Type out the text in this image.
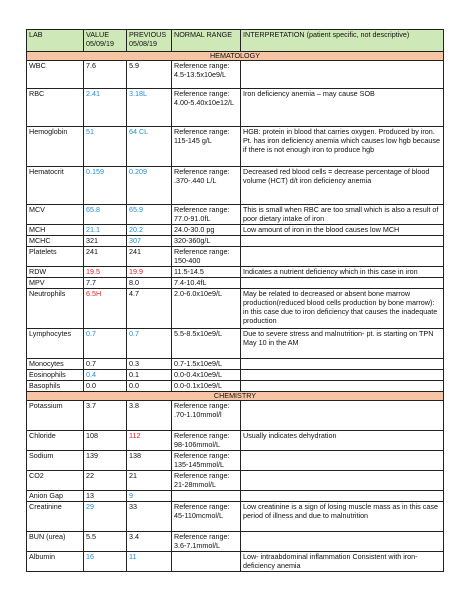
LAB	VALUE 05/09/19	PREVIOUS 05/08/19	NORMAL RANGE	INTERPRETATION (patient specific, not descriptive)
HEMATOLOGY				
WBC	7.6	5.9	Reference range: 4.5-13.5x10e9/L	
RBC	2.41	3.18L	Reference range: 4.00-5.40x10e12/L	Iron deficiency anemia – may cause SOB
Hemoglobin	51	64 CL	Reference range: 115-145 g/L	HGB: protein in blood that carries oxygen. Produced by iron. Pt. has iron deficiency anemia which causes low hgb because if there is not enough iron to produce hgb
Hematocrit	0.159	0.209	Reference range: .370-.440 L/L	Decreased red blood cells = decrease percentage of blood volume (HCT) d/t iron deficiency anemia
MCV	65.8	65.9	Reference range: 77.0-91.0fL	This is small when RBC are too small which is also a result of poor dietary intake of iron
MCH	21.1	20.2	24.0-30.0 pg	Low amount of iron in the blood causes low MCH
MCHC	321	307	320-360g/L	
Platelets	241	241	Reference range: 150-400	
RDW	19.5	19.9	11.5-14.5	Indicates a nutrient deficiency which in this case in iron
MPV	7.7	8.0	7.4-10.4fL	
Neutrophils	6.5H	4.7	2.0-6.0x10e9/L	May be related to decreased or absent bone marrow production(reduced blood cells production by bone marrow): in this case due to iron deficiency that causes the inadequate production
Lymphocytes	0.7	0.7	5.5-8.5x10e9/L	Due to severe stress and malnutrition- pt. is starting on TPN May 10 in the AM
Monocytes	0.7	0.3	0.7-1.5x10e9/L	
Eosinophils	0.4	0.1	0.0-0.4x10e9/L	
Basophils	0.0	0.0	0.0-0.1x10e9/L	
CHEMISTRY				
Potassium	3.7	3.8	Reference range: .70-1.10mmol/l	
Chloride	108	112	Reference range: 98-106mmol/L	Usually indicates dehydration
Sodium	139	138	Reference range: 135-145mmol/L	
CO2	22	21	Reference range: 21-28mmol/L	
Anion Gap	13	9		
Creatinine	29	33	Reference range: 45-110mcmol/L	Low creatinine is a sign of losing muscle mass as in this case period of illness and due to malnutrition
BUN (urea)	5.5	3.4	Reference range: 3.6-7.1mmol/L	
Albumin	16	11		Low- intraabdominal inflammation Consistent with iron-deficiency anemia
